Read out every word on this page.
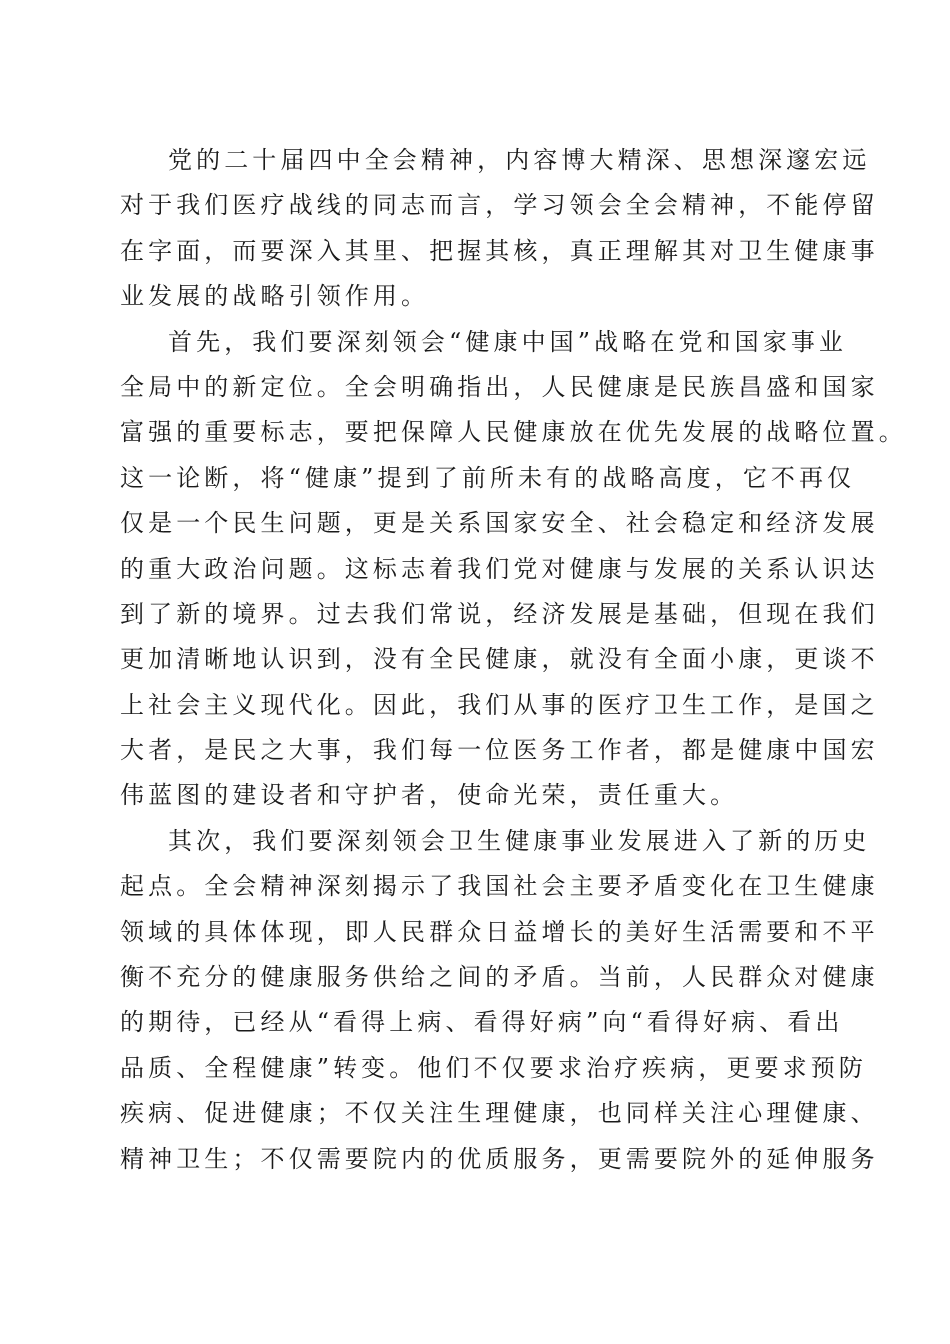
党的二十届四中全会精神，内容博大精深、思想深邃宏远
对于我们医疗战线的同志而言，学习领会全会精神，不能停留
在字面，而要深入其里、把握其核，真正理解其对卫生健康事
业发展的战略引领作用。
首先，我们要深刻领会“健康中国”战略在党和国家事业
全局中的新定位。全会明确指出，人民健康是民族昌盛和国家
富强的重要标志，要把保障人民健康放在优先发展的战略位置。
这一论断，将“健康”提到了前所未有的战略高度，它不再仅
仅是一个民生问题，更是关系国家安全、社会稳定和经济发展
的重大政治问题。这标志着我们党对健康与发展的关系认识达
到了新的境界。过去我们常说，经济发展是基础，但现在我们
更加清晰地认识到，没有全民健康，就没有全面小康，更谈不
上社会主义现代化。因此，我们从事的医疗卫生工作，是国之
大者，是民之大事，我们每一位医务工作者，都是健康中国宏
伟蓝图的建设者和守护者，使命光荣，责任重大。
其次，我们要深刻领会卫生健康事业发展进入了新的历史
起点。全会精神深刻揭示了我国社会主要矛盾变化在卫生健康
领域的具体体现，即人民群众日益增长的美好生活需要和不平
衡不充分的健康服务供给之间的矛盾。当前，人民群众对健康
的期待，已经从“看得上病、看得好病”向“看得好病、看出
品质、全程健康”转变。他们不仅要求治疗疾病，更要求预防
疾病、促进健康；不仅关注生理健康，也同样关注心理健康、
精神卫生；不仅需要院内的优质服务，更需要院外的延伸服务
